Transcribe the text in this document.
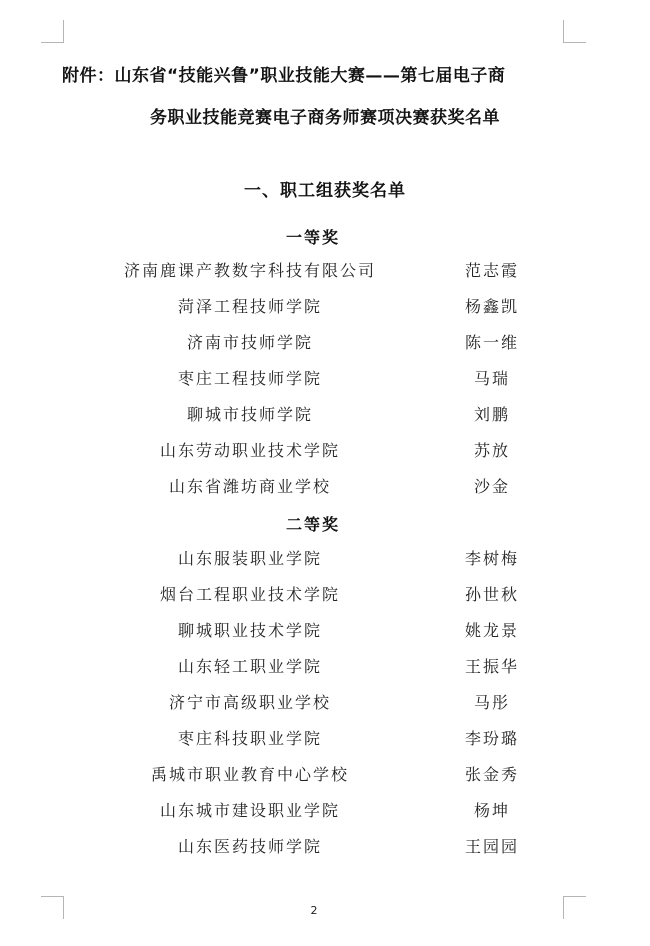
附件：山东省“技能兴鲁”职业技能大赛——第七届电子商
务职业技能竞赛电子商务师赛项决赛获奖名单
一、职工组获奖名单
一等奖
济南鹿课产教数字科技有限公司	范志霞
菏泽工程技师学院	杨鑫凯
济南市技师学院	陈一维
枣庄工程技师学院	马瑞
聊城市技师学院	刘鹏
山东劳动职业技术学院	苏放
山东省潍坊商业学校	沙金
二等奖
山东服装职业学院	李树梅
烟台工程职业技术学院	孙世秋
聊城职业技术学院	姚龙景
山东轻工职业学院	王振华
济宁市高级职业学校	马彤
枣庄科技职业学院	李玢璐
禹城市职业教育中心学校	张金秀
山东城市建设职业学院	杨坤
山东医药技师学院	王园园
2
